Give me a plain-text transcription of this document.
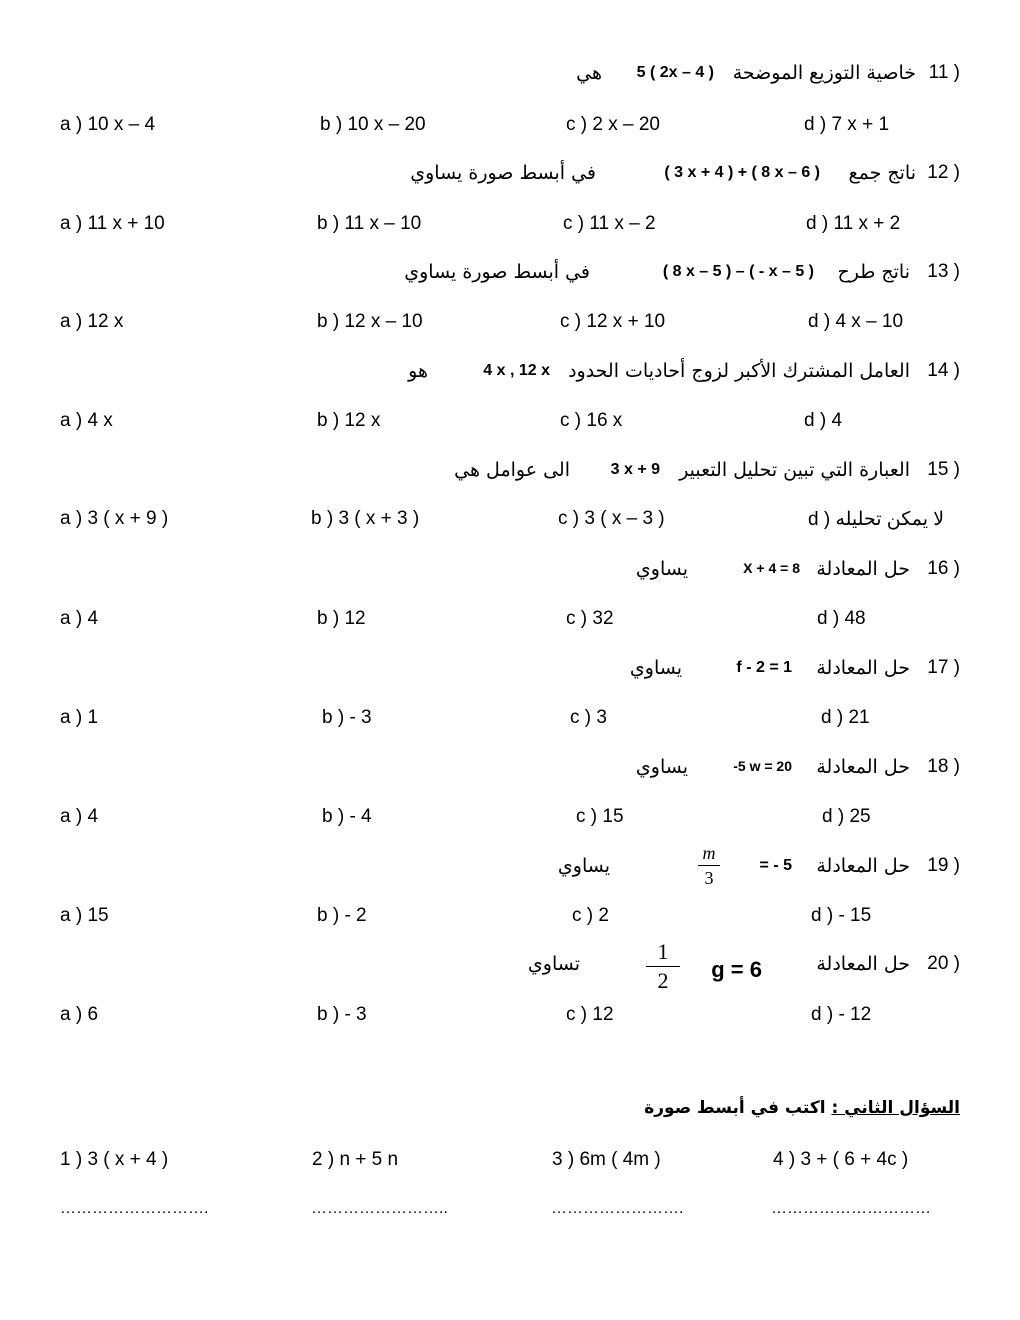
11 )
خاصية التوزيع الموضحة
5 ( 2x – 4 )
هي
a ) 10 x – 4	b ) 10 x – 20	c ) 2 x – 20	d ) 7 x + 1
12 )
ناتج جمع
( 3 x + 4 ) + ( 8 x – 6 )
في أبسط صورة يساوي
a ) 11 x + 10	b ) 11 x – 10	c ) 11 x – 2	d ) 11 x + 2
13 )
ناتج طرح
( 8 x – 5 ) – ( - x – 5 )
في أبسط صورة يساوي
a ) 12 x	b ) 12 x – 10	c ) 12 x + 10	d ) 4 x – 10
14 )
العامل المشترك الأكبر لزوج أحاديات الحدود
4 x , 12 x
هو
a ) 4 x	b ) 12 x	c ) 16 x	d ) 4
15 )
العبارة التي تبين تحليل التعبير
3 x + 9
الى عوامل هي
a ) 3 ( x + 9 )	b ) 3 ( x + 3 )	c ) 3 ( x – 3 )	d ) لا يمكن تحليله
16 )
حل المعادلة
X + 4 = 8
يساوي
a ) 4	b ) 12	c ) 32	d ) 48
17 )
حل المعادلة
f - 2 = 1
يساوي
a ) 1	b ) - 3	c ) 3	d ) 21
18 )
حل المعادلة
-5 w = 20
يساوي
a ) 4	b ) - 4	c ) 15	d ) 25
19 )
حل المعادلة
= - 5
يساوي
m
3
a ) 15	b ) - 2	c ) 2	d ) - 15
20 )
حل المعادلة
g = 6
تساوي	1
2
a ) 6	b ) - 3	c ) 12	d ) - 12
السؤال الثاني : اكتب في أبسط صورة
1 ) 3 ( x + 4 )	2 ) n + 5 n	3 ) 6m ( 4m )	4 ) 3 + ( 6 + 4c )
……………………….	……………………..	…………………….	…………………………
